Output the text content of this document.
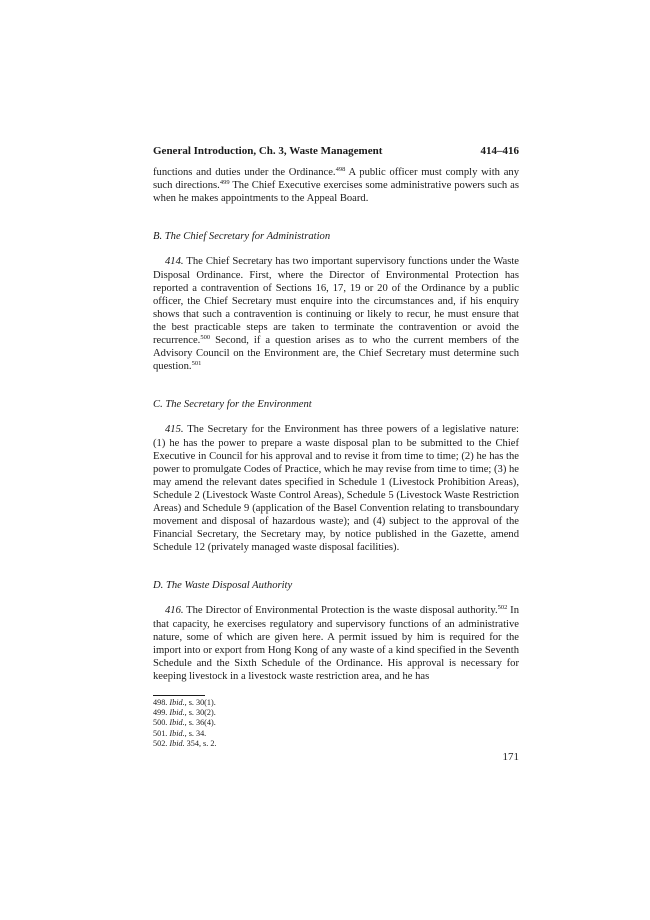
General Introduction, Ch. 3, Waste Management	414–416

functions and duties under the Ordinance.$^{498}$ A public officer must comply with any such directions.$^{499}$ The Chief Executive exercises some administrative powers such as when he makes appointments to the Appeal Board.

B. The Chief Secretary for Administration

414. The Chief Secretary has two important supervisory functions under the Waste Disposal Ordinance. First, where the Director of Environmental Protection has reported a contravention of Sections 16, 17, 19 or 20 of the Ordinance by a public officer, the Chief Secretary must enquire into the circumstances and, if his enquiry shows that such a contravention is continuing or likely to recur, he must ensure that the best practicable steps are taken to terminate the contravention or avoid the recurrence.$^{500}$ Second, if a question arises as to who the current members of the Advisory Council on the Environment are, the Chief Secretary must determine such question.$^{501}$

C. The Secretary for the Environment

415. The Secretary for the Environment has three powers of a legislative nature: (1) he has the power to prepare a waste disposal plan to be submitted to the Chief Executive in Council for his approval and to revise it from time to time; (2) he has the power to promulgate Codes of Practice, which he may revise from time to time; (3) he may amend the relevant dates specified in Schedule 1 (Livestock Prohibition Areas), Schedule 2 (Livestock Waste Control Areas), Schedule 5 (Livestock Waste Restriction Areas) and Schedule 9 (application of the Basel Convention relating to transboundary movement and disposal of hazardous waste); and (4) subject to the approval of the Financial Secretary, the Secretary may, by notice published in the Gazette, amend Schedule 12 (privately managed waste disposal facilities).

D. The Waste Disposal Authority

416. The Director of Environmental Protection is the waste disposal authority.$^{502}$ In that capacity, he exercises regulatory and supervisory functions of an administrative nature, some of which are given here. A permit issued by him is required for the import into or export from Hong Kong of any waste of a kind specified in the Seventh Schedule and the Sixth Schedule of the Ordinance. His approval is necessary for keeping livestock in a livestock waste restriction area, and he has

498. Ibid., s. 30(1).
499. Ibid., s. 30(2).
500. Ibid., s. 36(4).
501. Ibid., s. 34.
502. Ibid. 354, s. 2.
171
